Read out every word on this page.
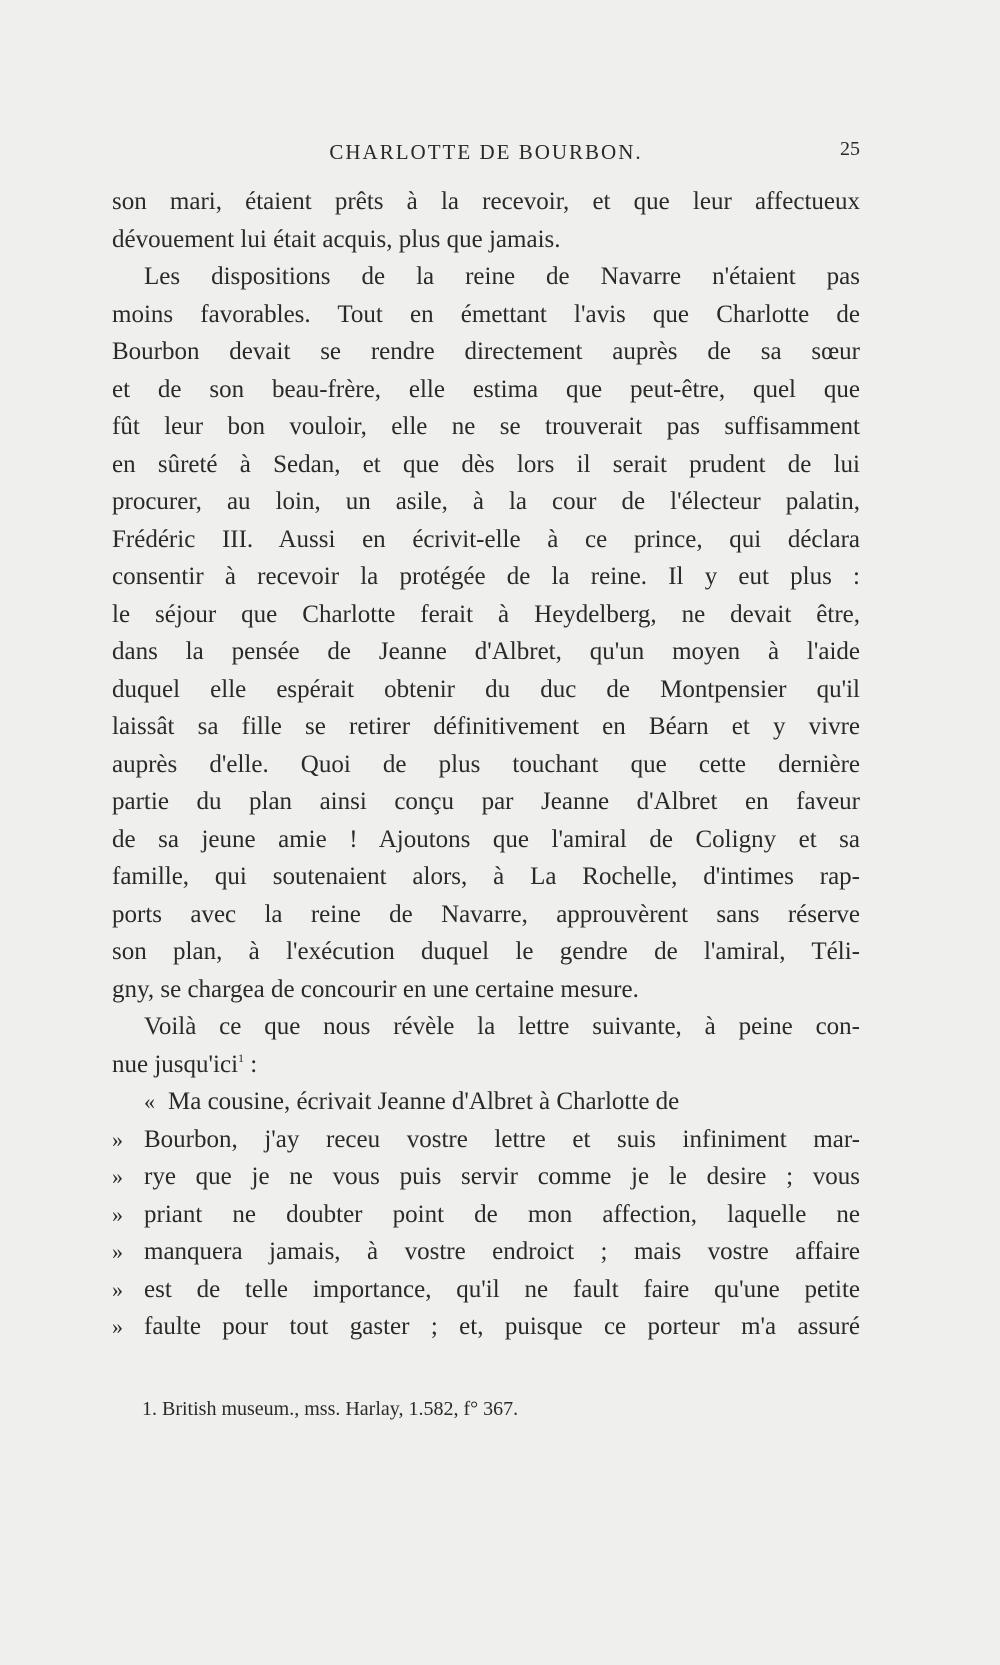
CHARLOTTE DE BOURBON.	25
son mari, étaient prêts à la recevoir, et que leur affectueux
dévouement lui était acquis, plus que jamais.
Les dispositions de la reine de Navarre n'étaient pas
moins favorables. Tout en émettant l'avis que Charlotte de
Bourbon devait se rendre directement auprès de sa sœur
et de son beau-frère, elle estima que peut-être, quel que
fût leur bon vouloir, elle ne se trouverait pas suffisamment
en sûreté à Sedan, et que dès lors il serait prudent de lui
procurer, au loin, un asile, à la cour de l'électeur palatin,
Frédéric III. Aussi en écrivit-elle à ce prince, qui déclara
consentir à recevoir la protégée de la reine. Il y eut plus :
le séjour que Charlotte ferait à Heydelberg, ne devait être,
dans la pensée de Jeanne d'Albret, qu'un moyen à l'aide
duquel elle espérait obtenir du duc de Montpensier qu'il
laissât sa fille se retirer définitivement en Béarn et y vivre
auprès d'elle. Quoi de plus touchant que cette dernière
partie du plan ainsi conçu par Jeanne d'Albret en faveur
de sa jeune amie ! Ajoutons que l'amiral de Coligny et sa
famille, qui soutenaient alors, à La Rochelle, d'intimes rap-
ports avec la reine de Navarre, approuvèrent sans réserve
son plan, à l'exécution duquel le gendre de l'amiral, Téli-
gny, se chargea de concourir en une certaine mesure.
Voilà ce que nous révèle la lettre suivante, à peine con-
nue jusqu'ici$^1$ :
« Ma cousine, écrivait Jeanne d'Albret à Charlotte de
» Bourbon, j'ay receu vostre lettre et suis infiniment mar-
» rye que je ne vous puis servir comme je le desire ; vous
» priant ne doubter point de mon affection, laquelle ne
» manquera jamais, à vostre endroict ; mais vostre affaire
» est de telle importance, qu'il ne fault faire qu'une petite
» faulte pour tout gaster ; et, puisque ce porteur m'a assuré
1. British museum., mss. Harlay, 1.582, f° 367.
